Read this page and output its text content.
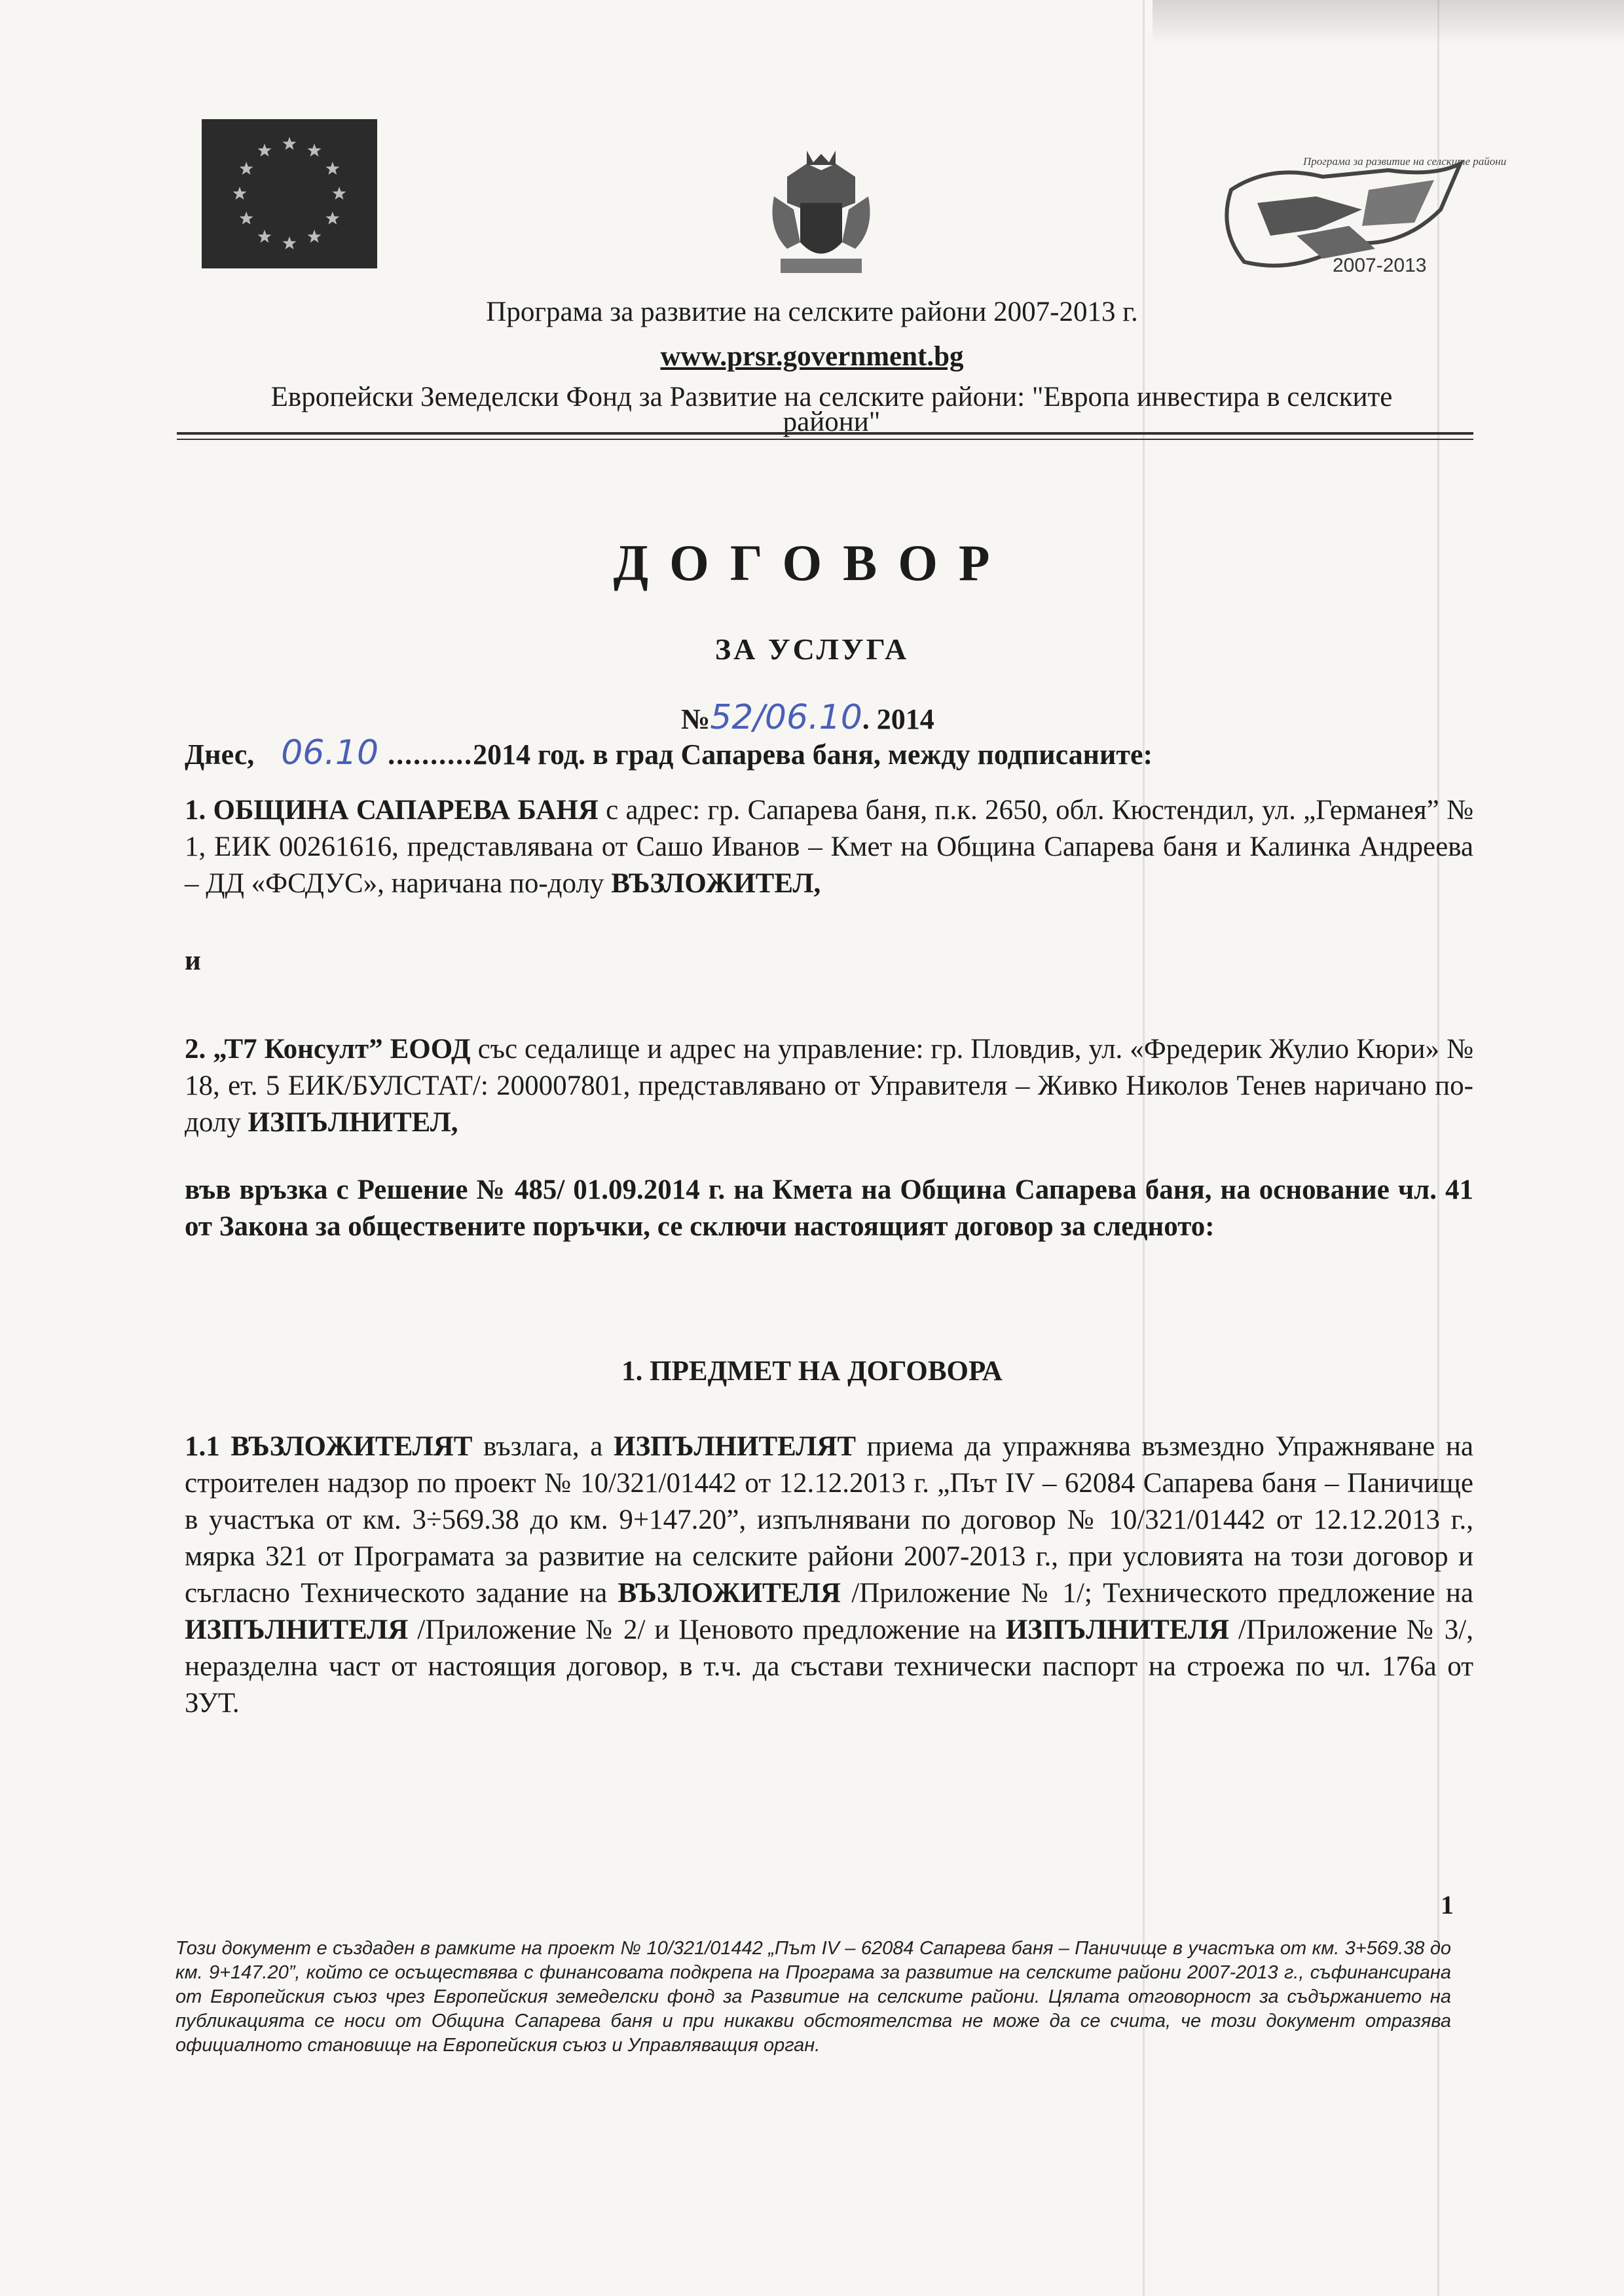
Програма за развитие на селските райони
2007-2013
Програма за развитие на селските райони 2007-2013 г.
www.prsr.government.bg
Европейски Земеделски Фонд за Развитие на селските райони: "Европа инвестира в селските
райони"
ДОГОВОР
ЗА УСЛУГА
№52/06.10. 2014
Днес, 06.10 ..........2014 год. в град Сапарева баня, между подписаните:
1. ОБЩИНА САПАРЕВА БАНЯ с адрес: гр. Сапарева баня, п.к. 2650, обл. Кюстендил, ул. „Германея” № 1, ЕИК 00261616, представлявана от Сашо Иванов – Кмет на Община Сапарева баня и Калинка Андреева – ДД «ФСДУС», наричана по-долу ВЪЗЛОЖИТЕЛ,
и
2. „Т7 Консулт” ЕООД със седалище и адрес на управление: гр. Пловдив, ул. «Фредерик Жулио Кюри» № 18, ет. 5 ЕИК/БУЛСТАТ/: 200007801, представлявано от Управителя – Живко Николов Тенев наричано по-долу ИЗПЪЛНИТЕЛ,
във връзка с Решение № 485/ 01.09.2014 г. на Кмета на Община Сапарева баня, на основание чл. 41 от Закона за обществените поръчки, се сключи настоящият договор за следното:
1. ПРЕДМЕТ НА ДОГОВОРА
1.1 ВЪЗЛОЖИТЕЛЯТ възлага, а ИЗПЪЛНИТЕЛЯТ приема да упражнява възмездно Упражняване на строителен надзор по проект № 10/321/01442 от 12.12.2013 г. „Път IV – 62084 Сапарева баня – Паничище в участъка от км. 3÷569.38 до км. 9+147.20”, изпълнявани по договор № 10/321/01442 от 12.12.2013 г., мярка 321 от Програмата за развитие на селските райони 2007-2013 г., при условията на този договор и съгласно Техническото задание на ВЪЗЛОЖИТЕЛЯ /Приложение № 1/; Техническото предложение на ИЗПЪЛНИТЕЛЯ /Приложение № 2/ и Ценовото предложение на ИЗПЪЛНИТЕЛЯ /Приложение № 3/, неразделна част от настоящия договор, в т.ч. да състави технически паспорт на строежа по чл. 176а от ЗУТ.
1
Този документ е създаден в рамките на проект № 10/321/01442 „Път IV – 62084 Сапарева баня – Паничище в участъка от км. 3+569.38 до км. 9+147.20”, който се осъществява с финансовата подкрепа на Програма за развитие на селските райони 2007-2013 г., съфинансирана от Европейския съюз чрез Европейския земеделски фонд за Развитие на селските райони. Цялата отговорност за съдържанието на публикацията се носи от Община Сапарева баня и при никакви обстоятелства не може да се счита, че този документ отразява официалното становище на Европейския съюз и Управляващия орган.
